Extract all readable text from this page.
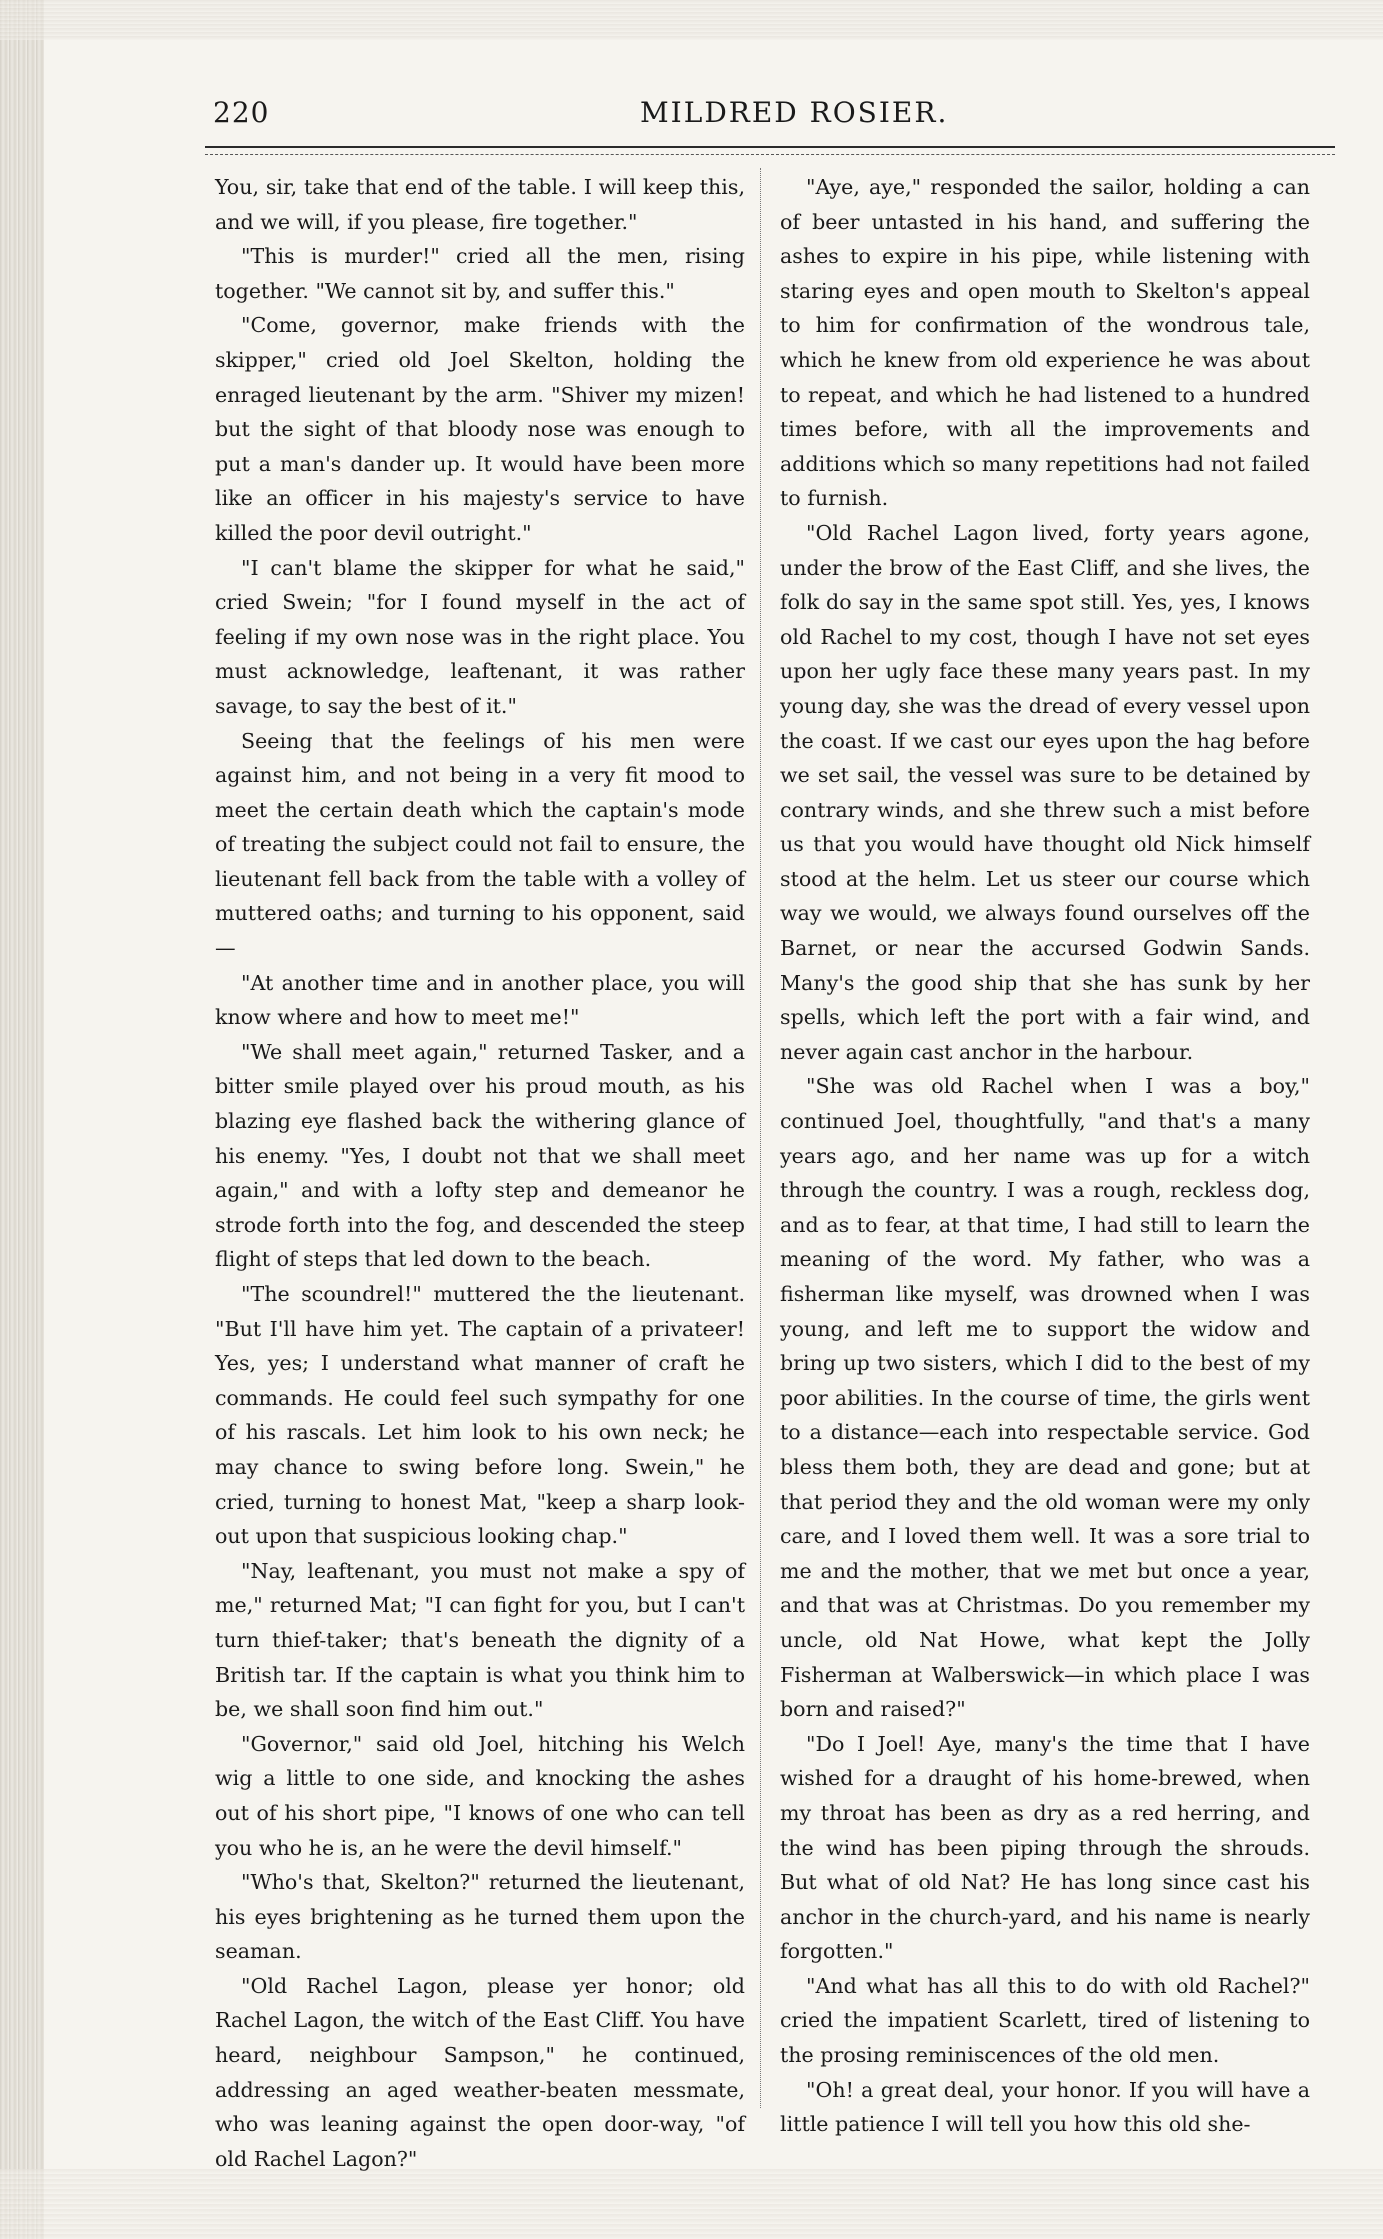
220	MILDRED ROSIER.

You, sir, take that end of the table. I will keep this, and we will, if you please, fire together."

"This is murder!" cried all the men, rising together. "We cannot sit by, and suffer this."

"Come, governor, make friends with the skipper," cried old Joel Skelton, holding the enraged lieutenant by the arm. "Shiver my mizen! but the sight of that bloody nose was enough to put a man's dander up. It would have been more like an officer in his majesty's service to have killed the poor devil outright."

"I can't blame the skipper for what he said," cried Swein; "for I found myself in the act of feeling if my own nose was in the right place. You must acknowledge, leaftenant, it was rather savage, to say the best of it."

Seeing that the feelings of his men were against him, and not being in a very fit mood to meet the certain death which the captain's mode of treating the subject could not fail to ensure, the lieutenant fell back from the table with a volley of muttered oaths; and turning to his opponent, said—

"At another time and in another place, you will know where and how to meet me!"

"We shall meet again," returned Tasker, and a bitter smile played over his proud mouth, as his blazing eye flashed back the withering glance of his enemy. "Yes, I doubt not that we shall meet again," and with a lofty step and demeanor he strode forth into the fog, and descended the steep flight of steps that led down to the beach.

"The scoundrel!" muttered the the lieutenant. "But I'll have him yet. The captain of a privateer! Yes, yes; I understand what manner of craft he commands. He could feel such sympathy for one of his rascals. Let him look to his own neck; he may chance to swing before long. Swein," he cried, turning to honest Mat, "keep a sharp look-out upon that suspicious looking chap."

"Nay, leaftenant, you must not make a spy of me," returned Mat; "I can fight for you, but I can't turn thief-taker; that's beneath the dignity of a British tar. If the captain is what you think him to be, we shall soon find him out."

"Governor," said old Joel, hitching his Welch wig a little to one side, and knocking the ashes out of his short pipe, "I knows of one who can tell you who he is, an he were the devil himself."

"Who's that, Skelton?" returned the lieutenant, his eyes brightening as he turned them upon the seaman.

"Old Rachel Lagon, please yer honor; old Rachel Lagon, the witch of the East Cliff. You have heard, neighbour Sampson," he continued, addressing an aged weather-beaten messmate, who was leaning against the open door-way, "of old Rachel Lagon?"

"Aye, aye," responded the sailor, holding a can of beer untasted in his hand, and suffering the ashes to expire in his pipe, while listening with staring eyes and open mouth to Skelton's appeal to him for confirmation of the wondrous tale, which he knew from old experience he was about to repeat, and which he had listened to a hundred times before, with all the improvements and additions which so many repetitions had not failed to furnish.

"Old Rachel Lagon lived, forty years agone, under the brow of the East Cliff, and she lives, the folk do say in the same spot still. Yes, yes, I knows old Rachel to my cost, though I have not set eyes upon her ugly face these many years past. In my young day, she was the dread of every vessel upon the coast. If we cast our eyes upon the hag before we set sail, the vessel was sure to be detained by contrary winds, and she threw such a mist before us that you would have thought old Nick himself stood at the helm. Let us steer our course which way we would, we always found ourselves off the Barnet, or near the accursed Godwin Sands. Many's the good ship that she has sunk by her spells, which left the port with a fair wind, and never again cast anchor in the harbour.

"She was old Rachel when I was a boy," continued Joel, thoughtfully, "and that's a many years ago, and her name was up for a witch through the country. I was a rough, reckless dog, and as to fear, at that time, I had still to learn the meaning of the word. My father, who was a fisherman like myself, was drowned when I was young, and left me to support the widow and bring up two sisters, which I did to the best of my poor abilities. In the course of time, the girls went to a distance—each into respectable service. God bless them both, they are dead and gone; but at that period they and the old woman were my only care, and I loved them well. It was a sore trial to me and the mother, that we met but once a year, and that was at Christmas. Do you remember my uncle, old Nat Howe, what kept the Jolly Fisherman at Walberswick—in which place I was born and raised?"

"Do I Joel! Aye, many's the time that I have wished for a draught of his home-brewed, when my throat has been as dry as a red herring, and the wind has been piping through the shrouds. But what of old Nat? He has long since cast his anchor in the church-yard, and his name is nearly forgotten."

"And what has all this to do with old Rachel?" cried the impatient Scarlett, tired of listening to the prosing reminiscences of the old men.

"Oh! a great deal, your honor. If you will have a little patience I will tell you how this old she-
